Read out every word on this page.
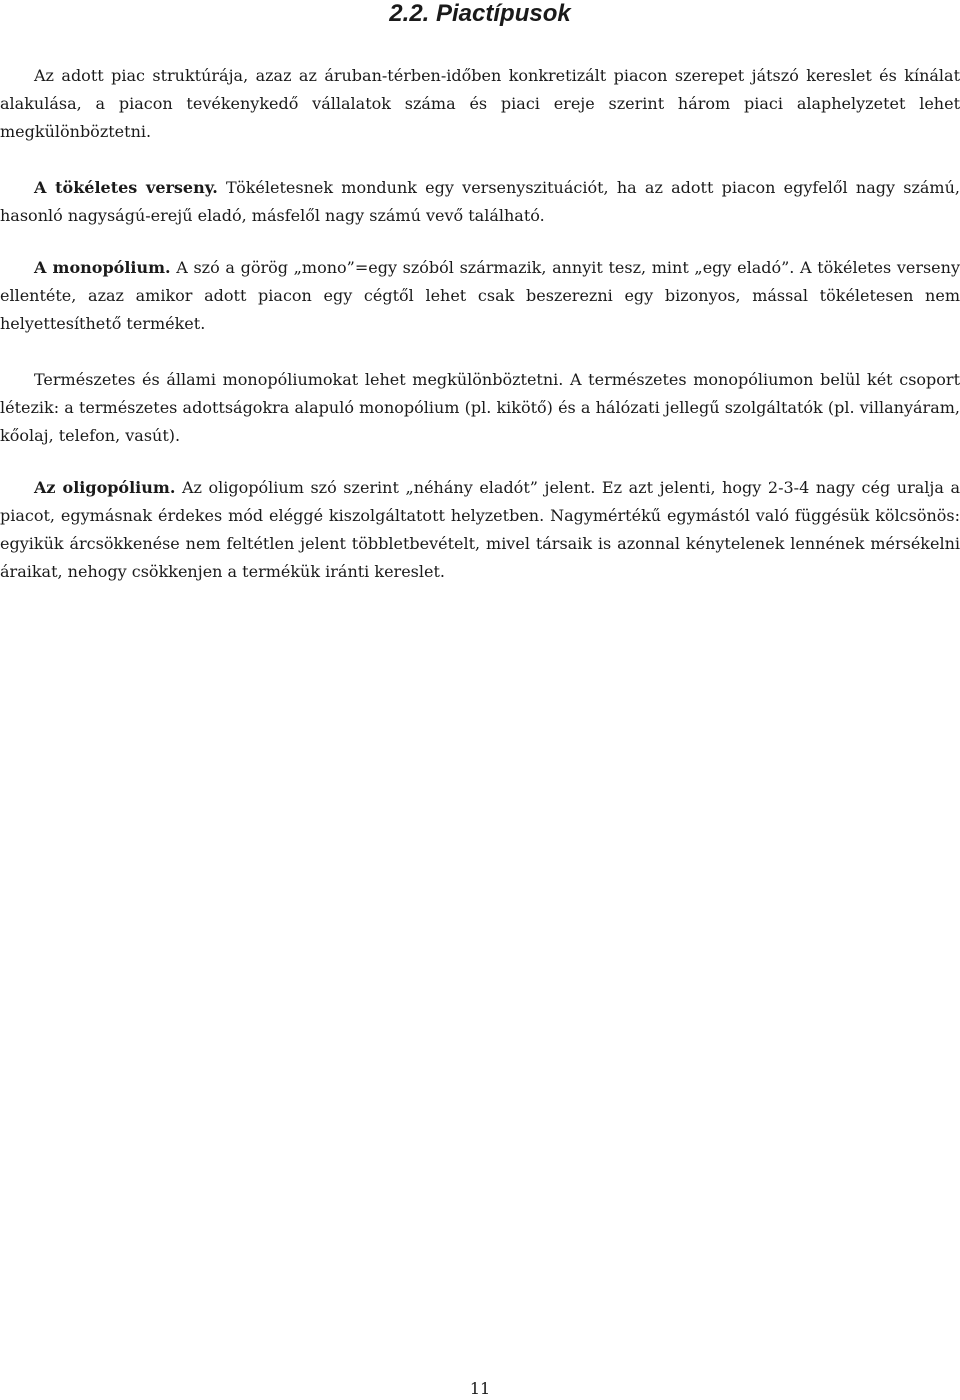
2.2. Piactípusok

Az adott piac struktúrája, azaz az áruban-térben-időben konkretizált piacon szerepet játszó kereslet és kínálat alakulása, a piacon tevékenykedő vállalatok száma és piaci ereje szerint három piaci alaphelyzetet lehet megkülönböztetni.

A tökéletes verseny. Tökéletesnek mondunk egy versenyszituációt, ha az adott piacon egyfelől nagy számú, hasonló nagyságú-erejű eladó, másfelől nagy számú vevő található.

A monopólium. A szó a görög „mono”=egy szóból származik, annyit tesz, mint „egy eladó”. A tökéletes verseny ellentéte, azaz amikor adott piacon egy cégtől lehet csak beszerezni egy bizonyos, mással tökéletesen nem helyettesíthető terméket.

Természetes és állami monopóliumokat lehet megkülönböztetni. A természetes monopóliumon belül két csoport létezik: a természetes adottságokra alapuló monopólium (pl. kikötő) és a hálózati jellegű szolgáltatók (pl. villanyáram, kőolaj, telefon, vasút).

Az oligopólium. Az oligopólium szó szerint „néhány eladót” jelent. Ez azt jelenti, hogy 2-3-4 nagy cég uralja a piacot, egymásnak érdekes mód eléggé kiszolgáltatott helyzetben. Nagymértékű egymástól való függésük kölcsönös: egyikük árcsökkenése nem feltétlen jelent többletbevételt, mivel társaik is azonnal kénytelenek lennének mérsékelni áraikat, nehogy csökkenjen a termékük iránti kereslet.

11
